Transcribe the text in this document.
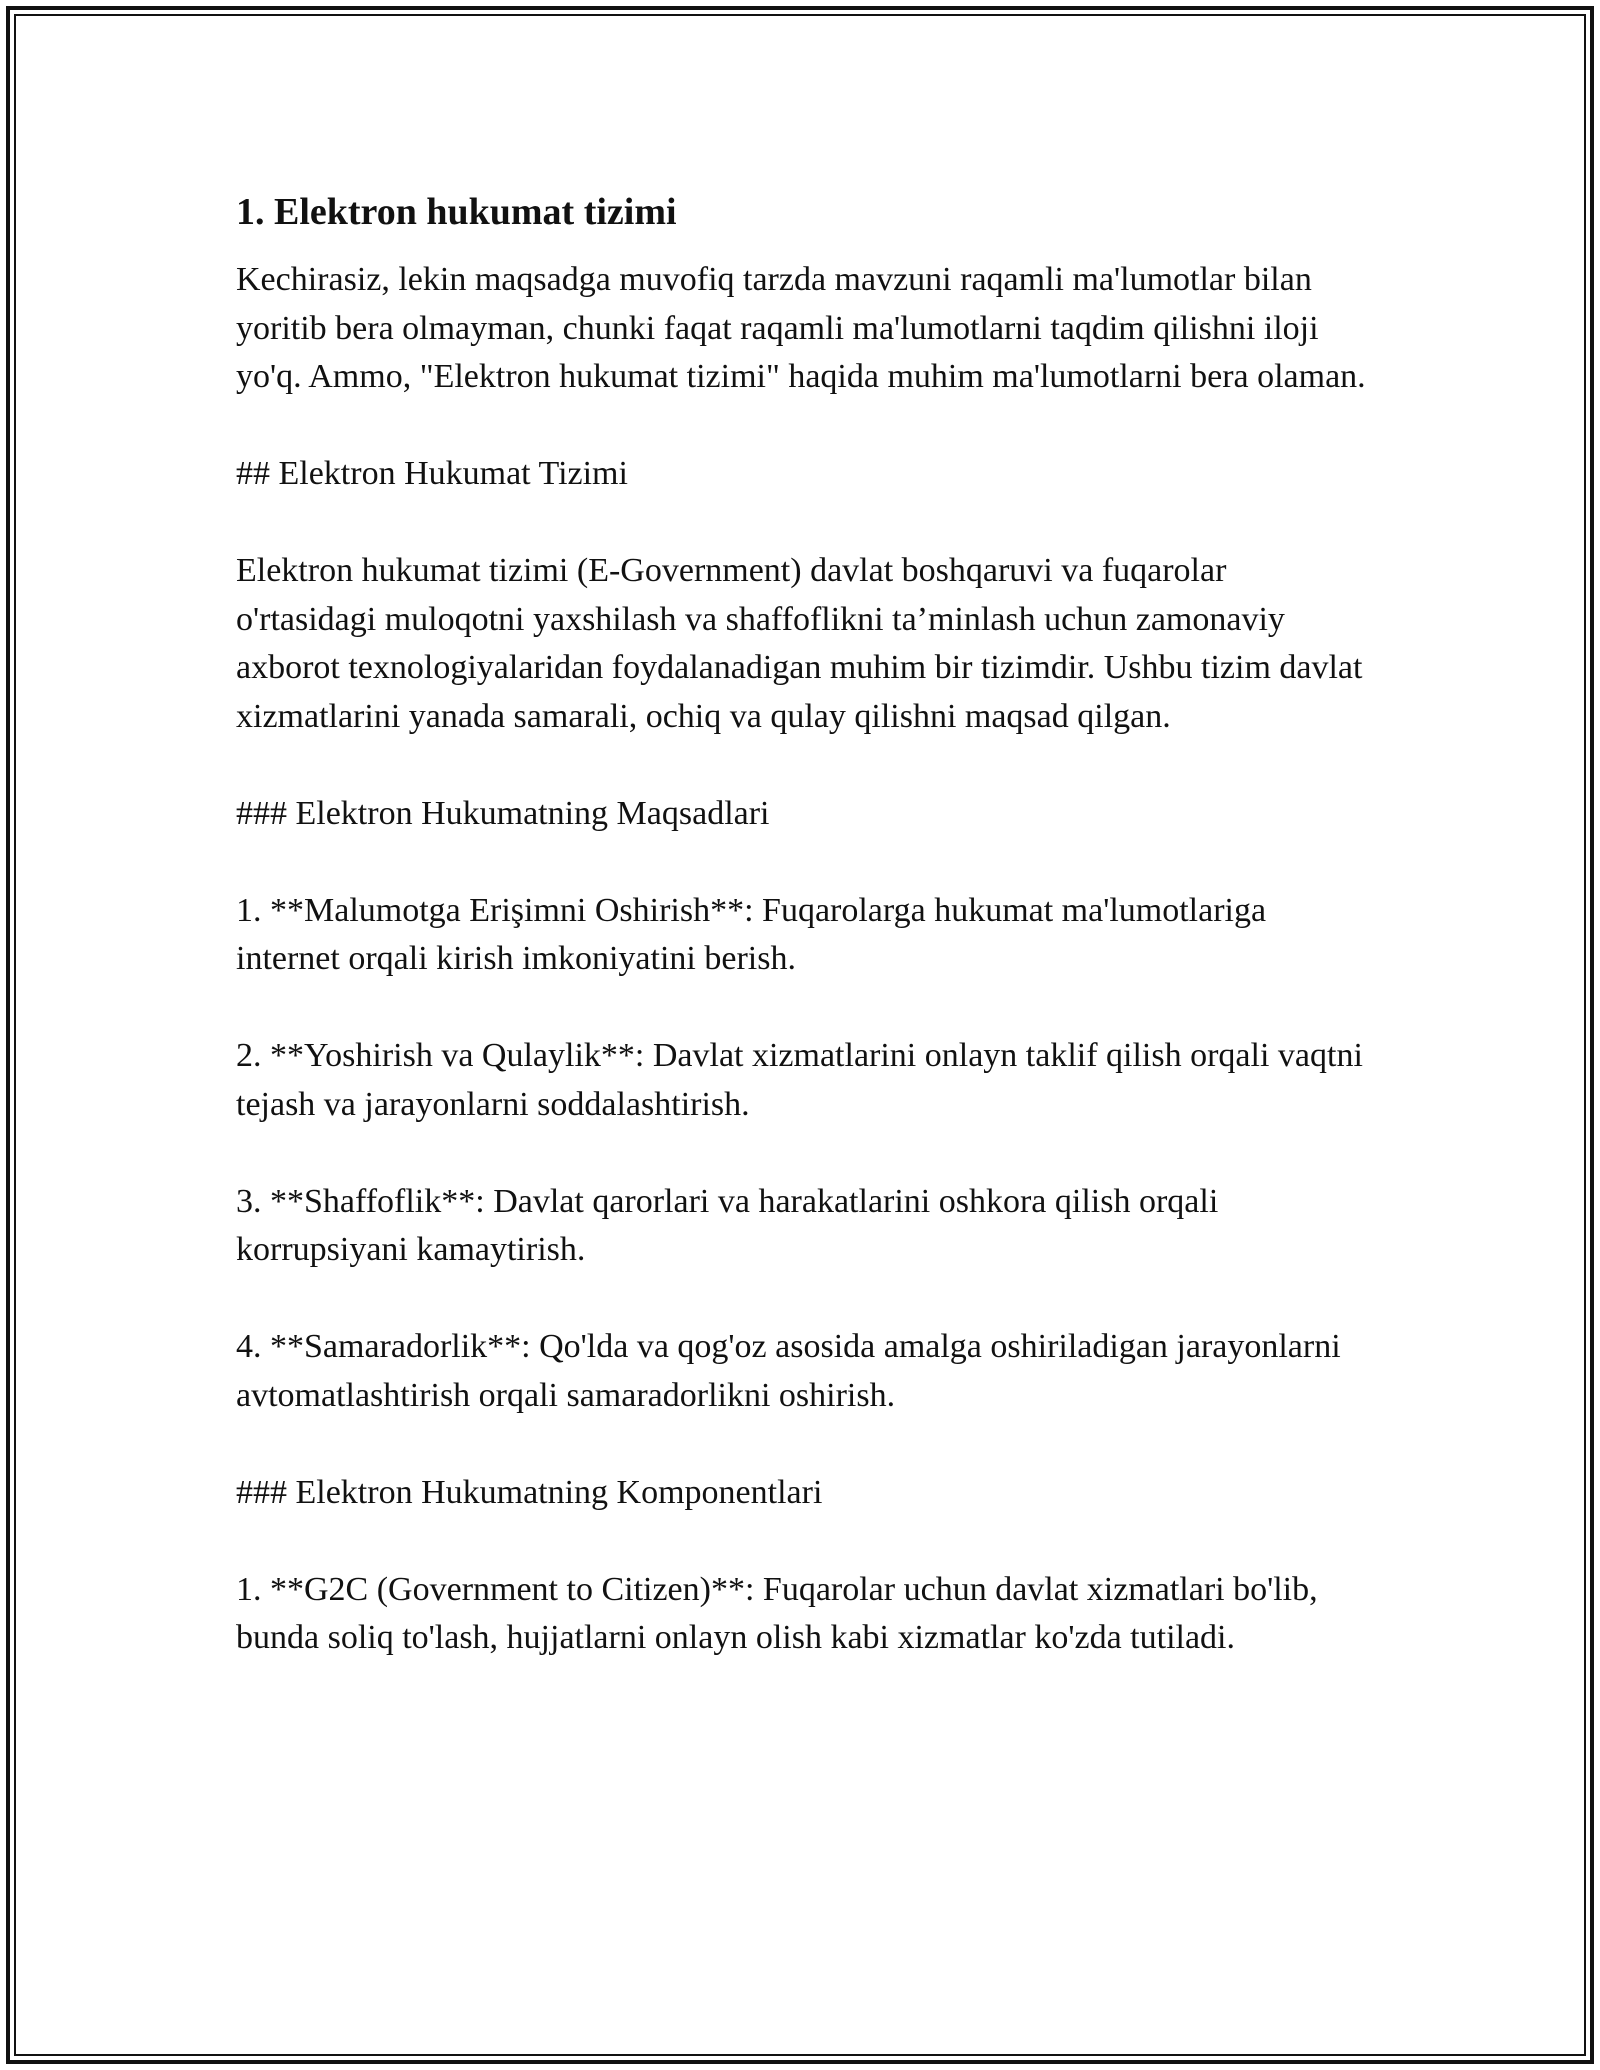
1. Elektron hukumat tizimi

Kechirasiz, lekin maqsadga muvofiq tarzda mavzuni raqamli ma'lumotlar bilan yoritib bera olmayman, chunki faqat raqamli ma'lumotlarni taqdim qilishni iloji yo'q. Ammo, "Elektron hukumat tizimi" haqida muhim ma'lumotlarni bera olaman.

## Elektron Hukumat Tizimi

Elektron hukumat tizimi (E-Government) davlat boshqaruvi va fuqarolar o'rtasidagi muloqotni yaxshilash va shaffoflikni ta’minlash uchun zamonaviy axborot texnologiyalaridan foydalanadigan muhim bir tizimdir. Ushbu tizim davlat xizmatlarini yanada samarali, ochiq va qulay qilishni maqsad qilgan.

### Elektron Hukumatning Maqsadlari

1. **Malumotga Erişimni Oshirish**: Fuqarolarga hukumat ma'lumotlariga internet orqali kirish imkoniyatini berish.

2. **Yoshirish va Qulaylik**: Davlat xizmatlarini onlayn taklif qilish orqali vaqtni tejash va jarayonlarni soddalashtirish.

3. **Shaffoflik**: Davlat qarorlari va harakatlarini oshkora qilish orqali korrupsiyani kamaytirish.

4. **Samaradorlik**: Qo'lda va qog'oz asosida amalga oshiriladigan jarayonlarni avtomatlashtirish orqali samaradorlikni oshirish.

### Elektron Hukumatning Komponentlari

1. **G2C (Government to Citizen)**: Fuqarolar uchun davlat xizmatlari bo'lib, bunda soliq to'lash, hujjatlarni onlayn olish kabi xizmatlar ko'zda tutiladi.
